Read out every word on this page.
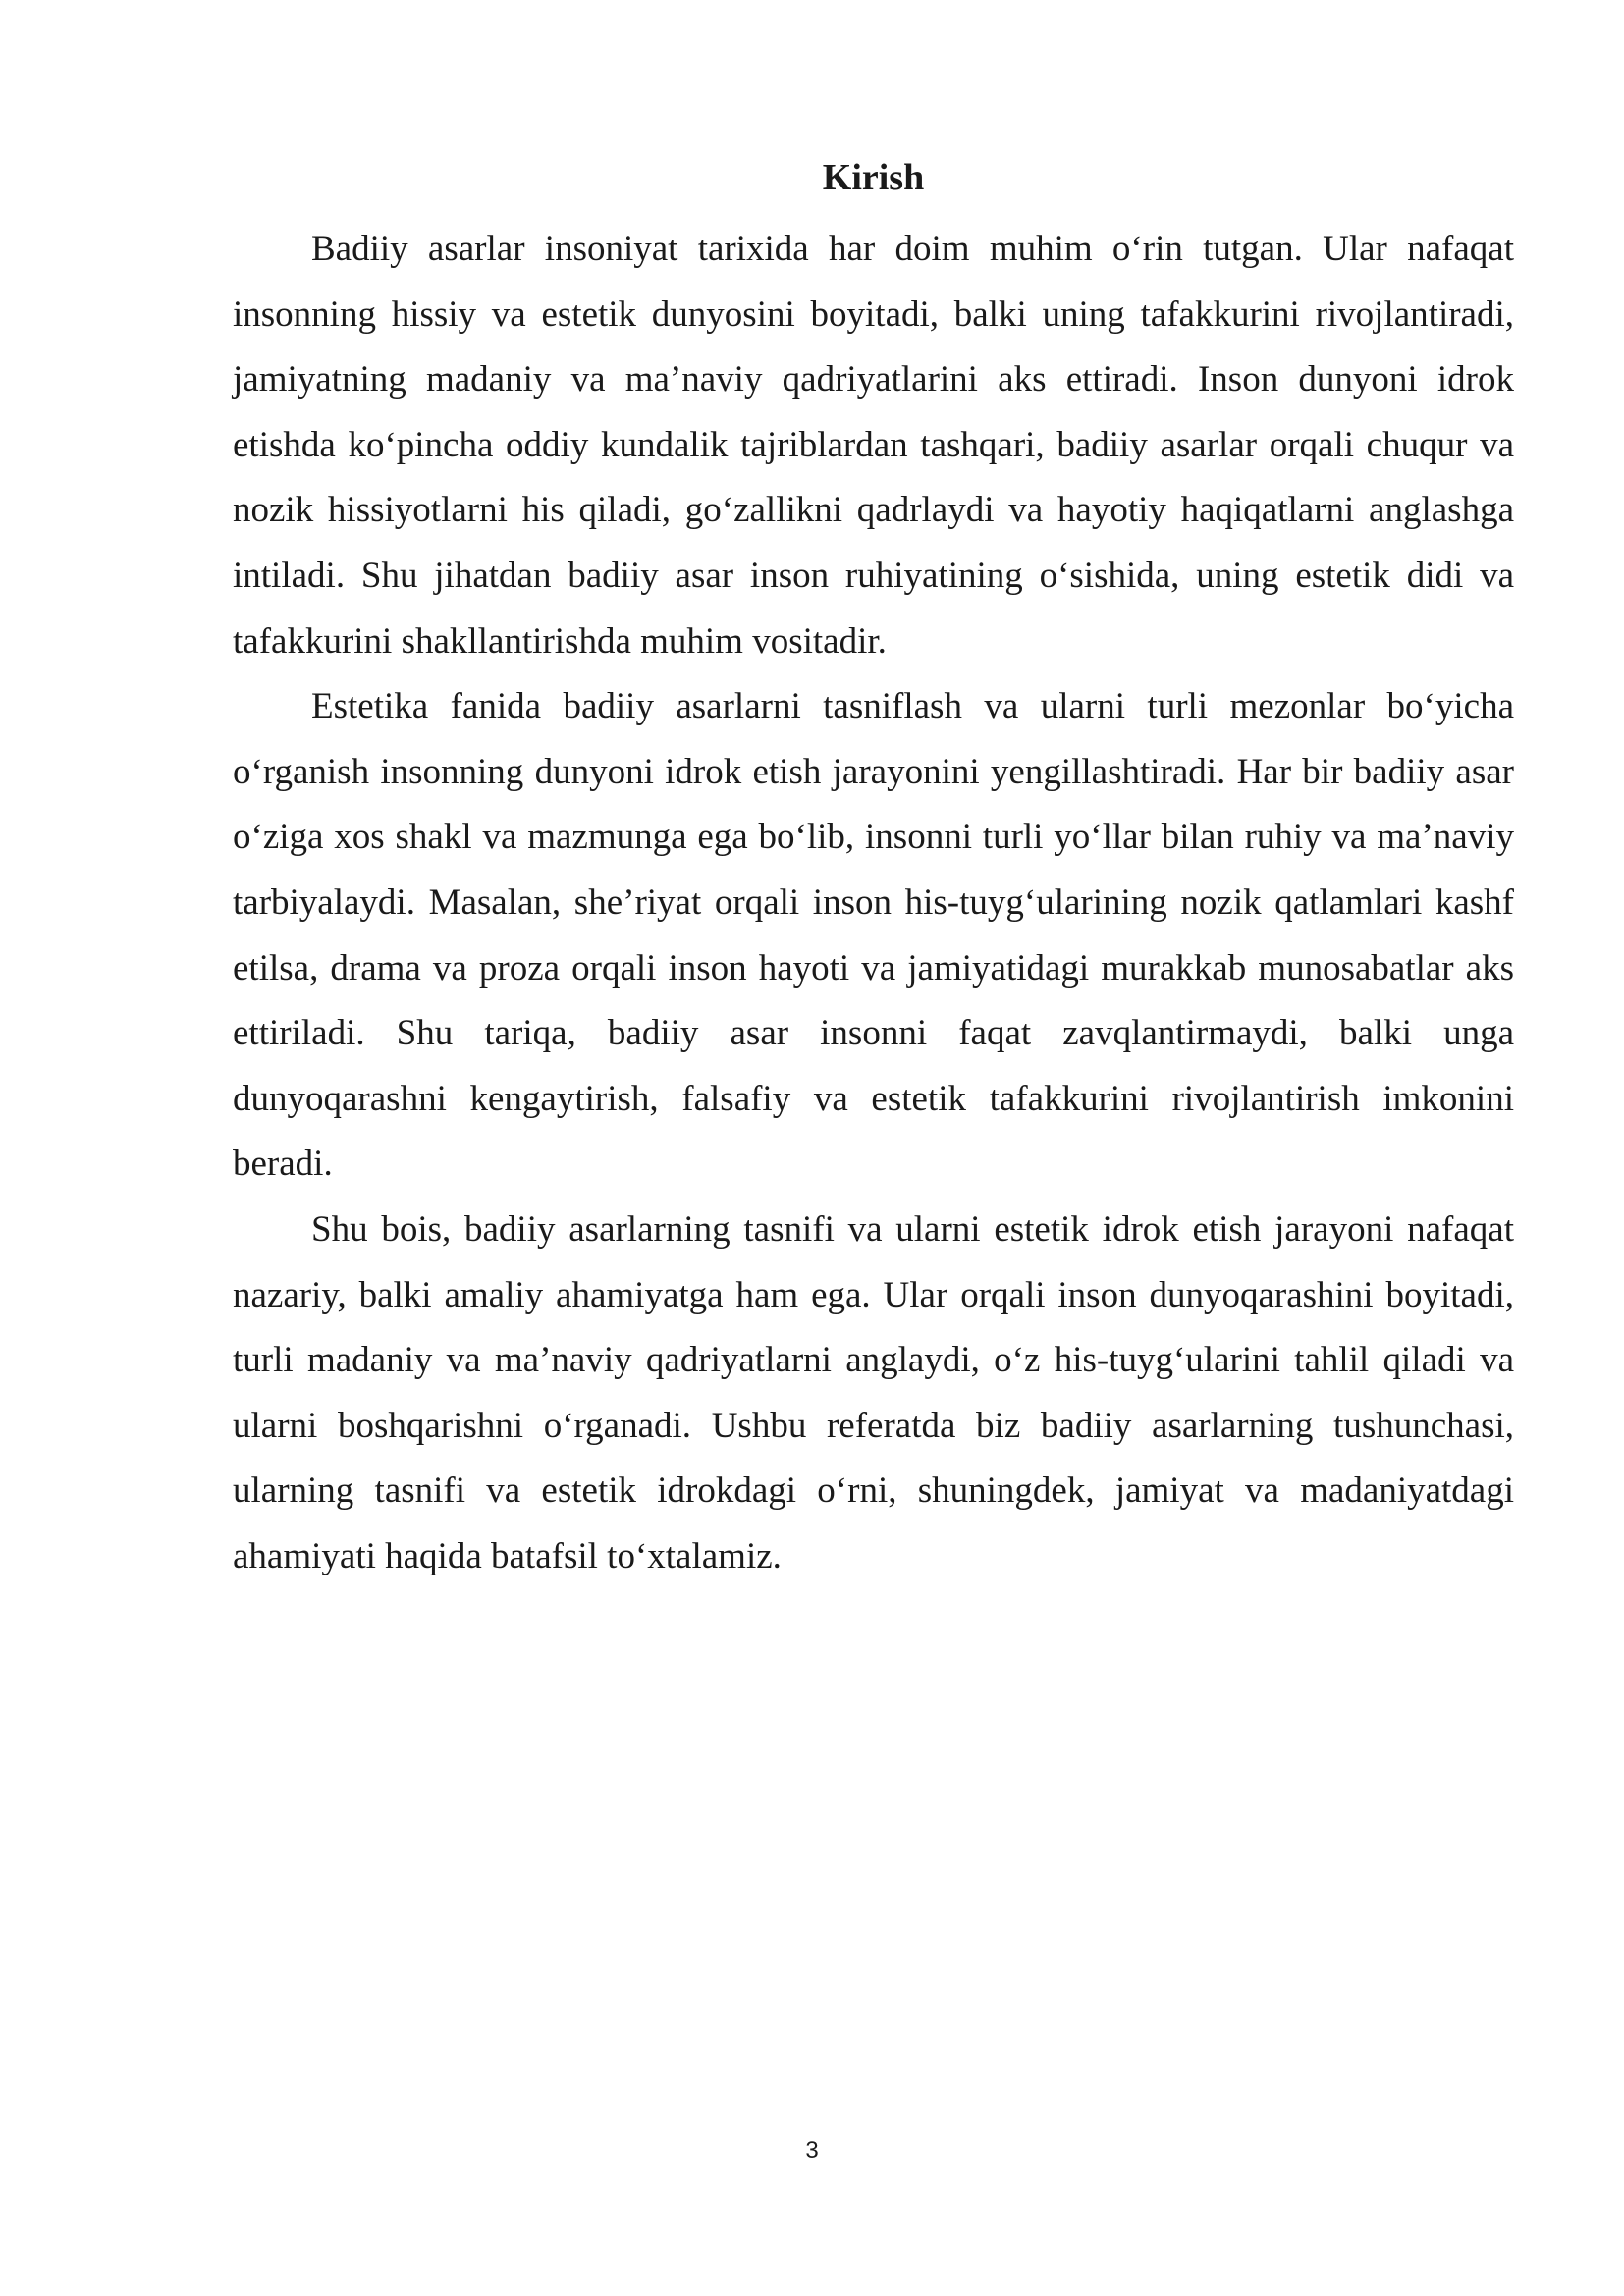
Kirish

Badiiy asarlar insoniyat tarixida har doim muhim o‘rin tutgan. Ular nafaqat insonning hissiy va estetik dunyosini boyitadi, balki uning tafakkurini rivojlantiradi, jamiyatning madaniy va ma’naviy qadriyatlarini aks ettiradi. Inson dunyoni idrok etishda ko‘pincha oddiy kundalik tajriblardan tashqari, badiiy asarlar orqali chuqur va nozik hissiyotlarni his qiladi, go‘zallikni qadrlaydi va hayotiy haqiqatlarni anglashga intiladi. Shu jihatdan badiiy asar inson ruhiyatining o‘sishida, uning estetik didi va tafakkurini shakllantirishda muhim vositadir.

Estetika fanida badiiy asarlarni tasniflash va ularni turli mezonlar bo‘yicha o‘rganish insonning dunyoni idrok etish jarayonini yengillashtiradi. Har bir badiiy asar o‘ziga xos shakl va mazmunga ega bo‘lib, insonni turli yo‘llar bilan ruhiy va ma’naviy tarbiyalaydi. Masalan, she’riyat orqali inson his-tuyg‘ularining nozik qatlamlari kashf etilsa, drama va proza orqali inson hayoti va jamiyatidagi murakkab munosabatlar aks ettiriladi. Shu tariqa, badiiy asar insonni faqat zavqlantirmaydi, balki unga dunyoqarashni kengaytirish, falsafiy va estetik tafakkurini rivojlantirish imkonini beradi.

Shu bois, badiiy asarlarning tasnifi va ularni estetik idrok etish jarayoni nafaqat nazariy, balki amaliy ahamiyatga ham ega. Ular orqali inson dunyoqarashini boyitadi, turli madaniy va ma’naviy qadriyatlarni anglaydi, o‘z his-tuyg‘ularini tahlil qiladi va ularni boshqarishni o‘rganadi. Ushbu referatda biz badiiy asarlarning tushunchasi, ularning tasnifi va estetik idrokdagi o‘rni, shuningdek, jamiyat va madaniyatdagi ahamiyati haqida batafsil to‘xtalamiz.

3
